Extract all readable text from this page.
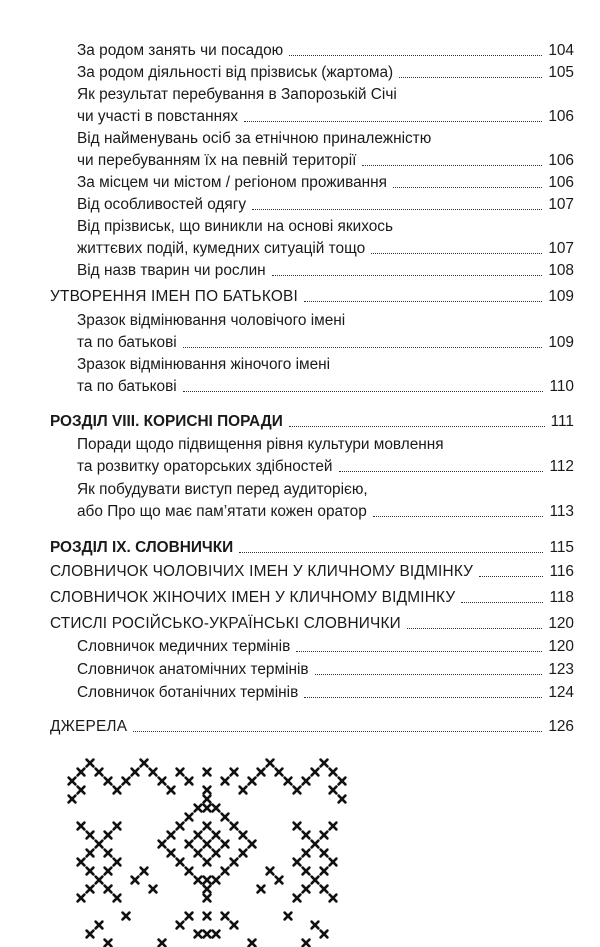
За родом занять чи посадою	104
За родом діяльності від прізвиськ (жартома)	105
Як результат перебування в Запорозькій Січі
чи участі в повстаннях	106
Від найменувань осіб за етнічною приналежністю
чи перебуванням їх на певній території	106
За місцем чи містом / регіоном проживання	106
Від особливостей одягу	107
Від прізвиськ, що виникли на основі якихось
життєвих подій, кумедних ситуацій тощо	107
Від назв тварин чи рослин	108
УТВОРЕННЯ ІМЕН ПО БАТЬКОВІ	109
Зразок відмінювання чоловічого імені
та по батькові	109
Зразок відмінювання жіночого імені
та по батькові	110
РОЗДІЛ VIII. КОРИСНІ ПОРАДИ	111
Поради щодо підвищення рівня культури мовлення
та розвитку ораторських здібностей	112
Як побудувати виступ перед аудиторією,
або Про що має пам’ятати кожен оратор	113
РОЗДІЛ IX. СЛОВНИЧКИ	115
СЛОВНИЧОК ЧОЛОВІЧИХ ІМЕН У КЛИЧНОМУ ВІДМІНКУ	116
СЛОВНИЧОК ЖІНОЧИХ ІМЕН У КЛИЧНОМУ ВІДМІНКУ	118
СТИСЛІ РОСІЙСЬКО-УКРАЇНСЬКІ СЛОВНИЧКИ	120
Словничок медичних термінів	120
Словничок анатомічних термінів	123
Словничок ботанічних термінів	124
ДЖЕРЕЛА	126
